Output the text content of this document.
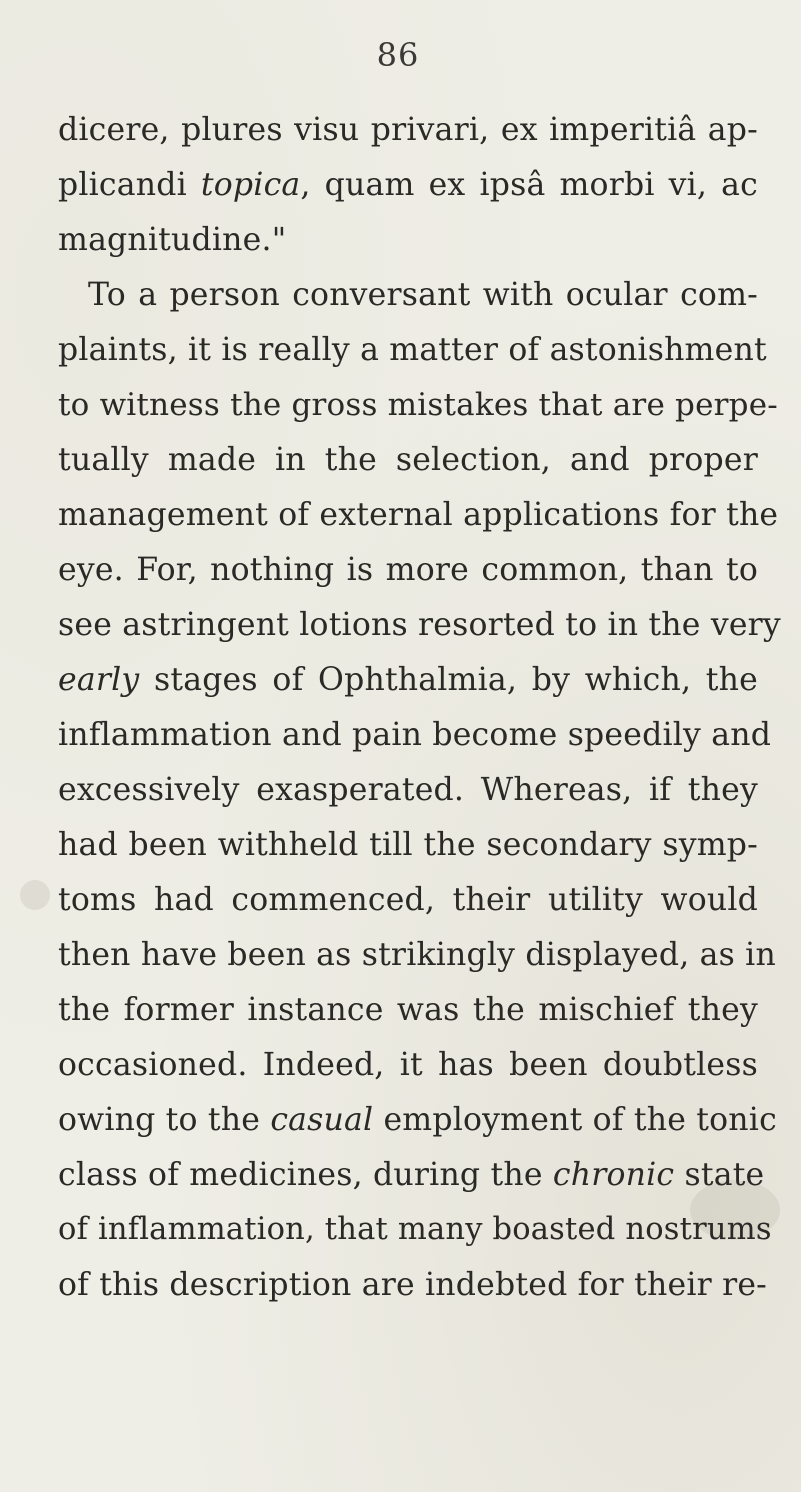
86
dicere, plures visu privari, ex imperitiâ ap-
plicandi topica, quam ex ipsâ morbi vi, ac
magnitudine."
To a person conversant with ocular com-
plaints, it is really a matter of astonishment
to witness the gross mistakes that are perpe-
tually made in the selection, and proper
management of external applications for the
eye. For, nothing is more common, than to
see astringent lotions resorted to in the very
early stages of Ophthalmia, by which, the
inflammation and pain become speedily and
excessively exasperated. Whereas, if they
had been withheld till the secondary symp-
toms had commenced, their utility would
then have been as strikingly displayed, as in
the former instance was the mischief they
occasioned. Indeed, it has been doubtless
owing to the casual employment of the tonic
class of medicines, during the chronic state
of inflammation, that many boasted nostrums
of this description are indebted for their re-
